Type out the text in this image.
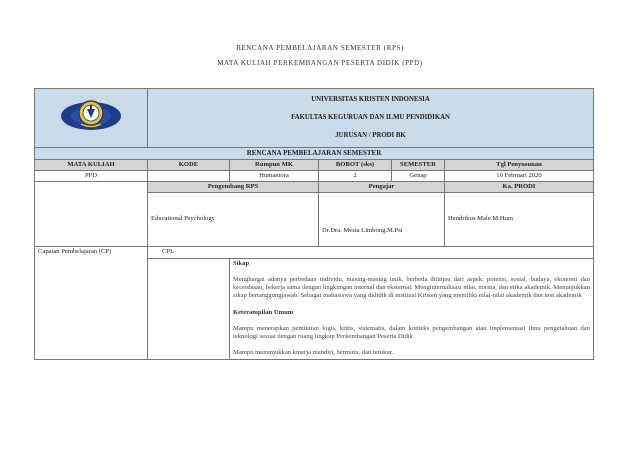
RENCANA PEMBELAJARAN SEMESTER (RPS)
MATA KULIAH PERKEMBANGAN PESERTA DIDIK (PPD)

UNIVERSITAS KRISTEN INDONESIA
FAKULTAS KEGURUAN DAN ILMU PENDIDIKAN
JURUSAN / PRODI BK				

RENCANA PEMBELAJARAN SEMESTER					
MATA KULIAH	KODE	Rumpun MK	BOBOT (sks)	SEMESTER	Tgl Penyusunan
PPD		Humaniora	2	Genap	10 Februari 2020
	Pengembang RPS		Pengajar		Ka. PRODI
	Educational Psychology		Dr.Dra. Mesta Limbong.M.Psi		Hendrikus Male.M.Hum
Capaian Pembelajaran (CP)	CPL				

		Sikap
Menghargai adanya perbedaan individu, masing-masing unik, berbeda ditinjau dari aspek: potensi, sosial, budaya, ekonomi dan kecerdasan, bekerja sama dengan lingkungan internal dan eksternal. Menginternalisasi nilai, norma, dan etika akademik. Menunjukkan sikap bertanggungjawab. Sebagai mahasiswa yang dididik di institusi Kristen yang memiliki nilai-nilai akademik dan non akademik
Keterampilan Umum
Mampu menerapkan pemikiran logis, kritis, sistematis, dalam konteks pengembangan atau implementasi ilmu pengetahuan dan teknologi sesuai dengan ruang lingkup Perkembangan Peserta Didik
Mampu menunjukkan kinerja mandiri, bermutu, dan terukur.			
